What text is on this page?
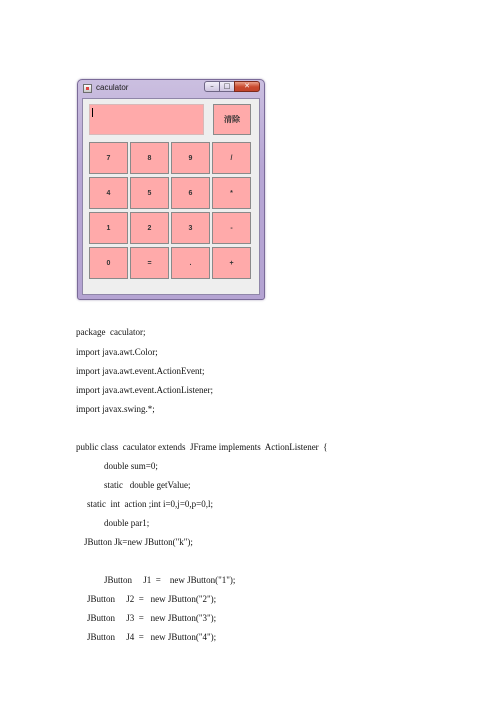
caculator	–	□	✕
清除
7	8	9	/
4	5	6	*
1	2	3	-
0	=	.	+
package  caculator;
import java.awt.Color;
import java.awt.event.ActionEvent;
import java.awt.event.ActionListener;
import javax.swing.*;
public class  caculator extends  JFrame implements  ActionListener  {
double sum=0;
static   double getValue;
static  int  action ;int i=0,j=0,p=0,l;
double par1;
JButton Jk=new JButton("k");
JButton     J1  =    new JButton("1");
JButton     J2  =   new JButton("2");
JButton     J3  =   new JButton("3");
JButton     J4  =   new JButton("4");
